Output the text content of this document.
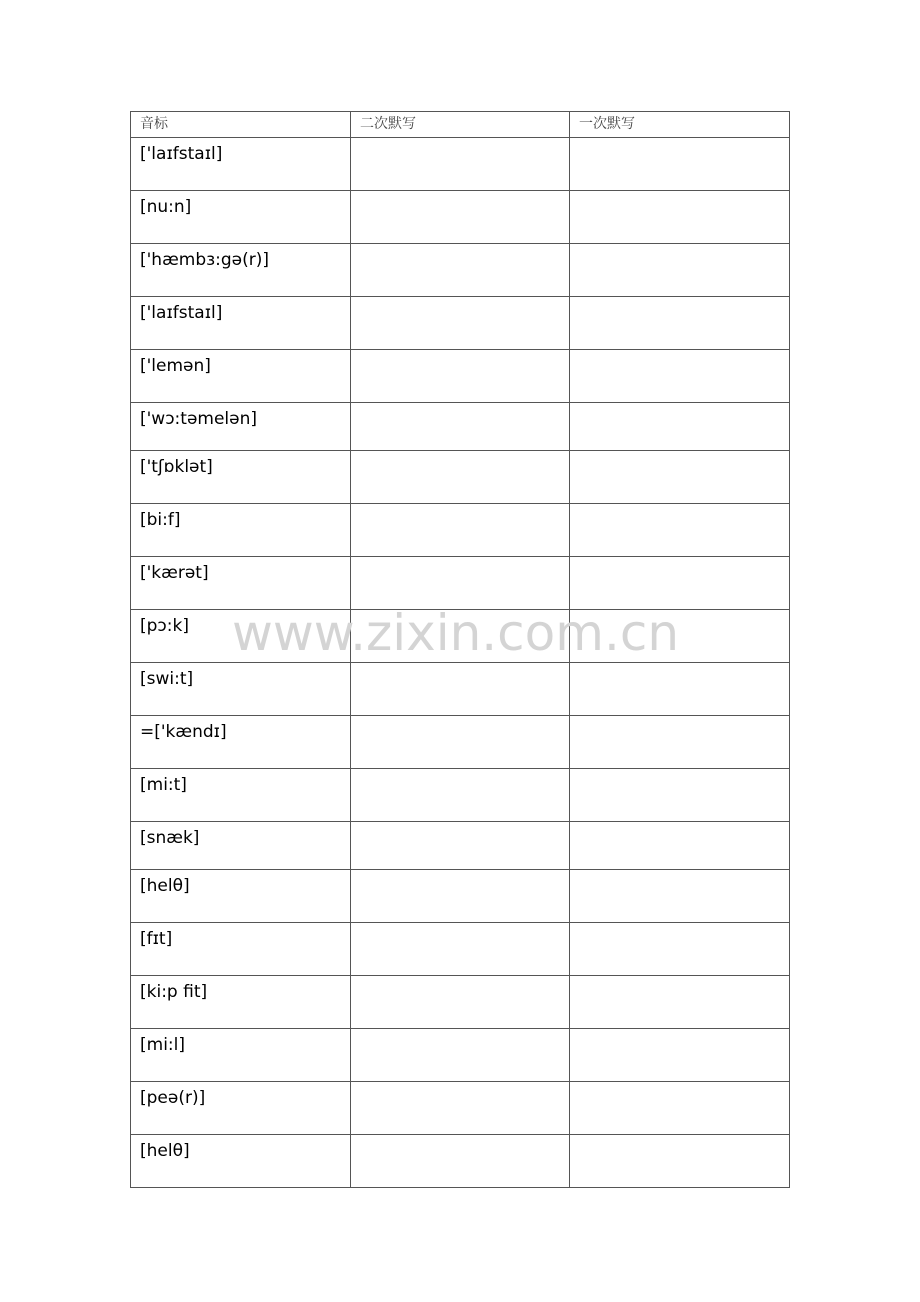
音标	二次默写	一次默写
['laɪfstaɪl]		
[nu:n]		
['hæmbɜ:gə(r)]		
['laɪfstaɪl]		
['lemən]		
['wɔ:təmelən]		
['tʃɒklət]		
[bi:f]		
['kærət]		
[pɔ:k]		
[swi:t]		
=['kændɪ]		
[mi:t]		
[snæk]		
[helθ]		
[fɪt]		
[ki:p fit]		
[mi:l]		
[peə(r)]		
[helθ]		
www.zixin.com.cn
